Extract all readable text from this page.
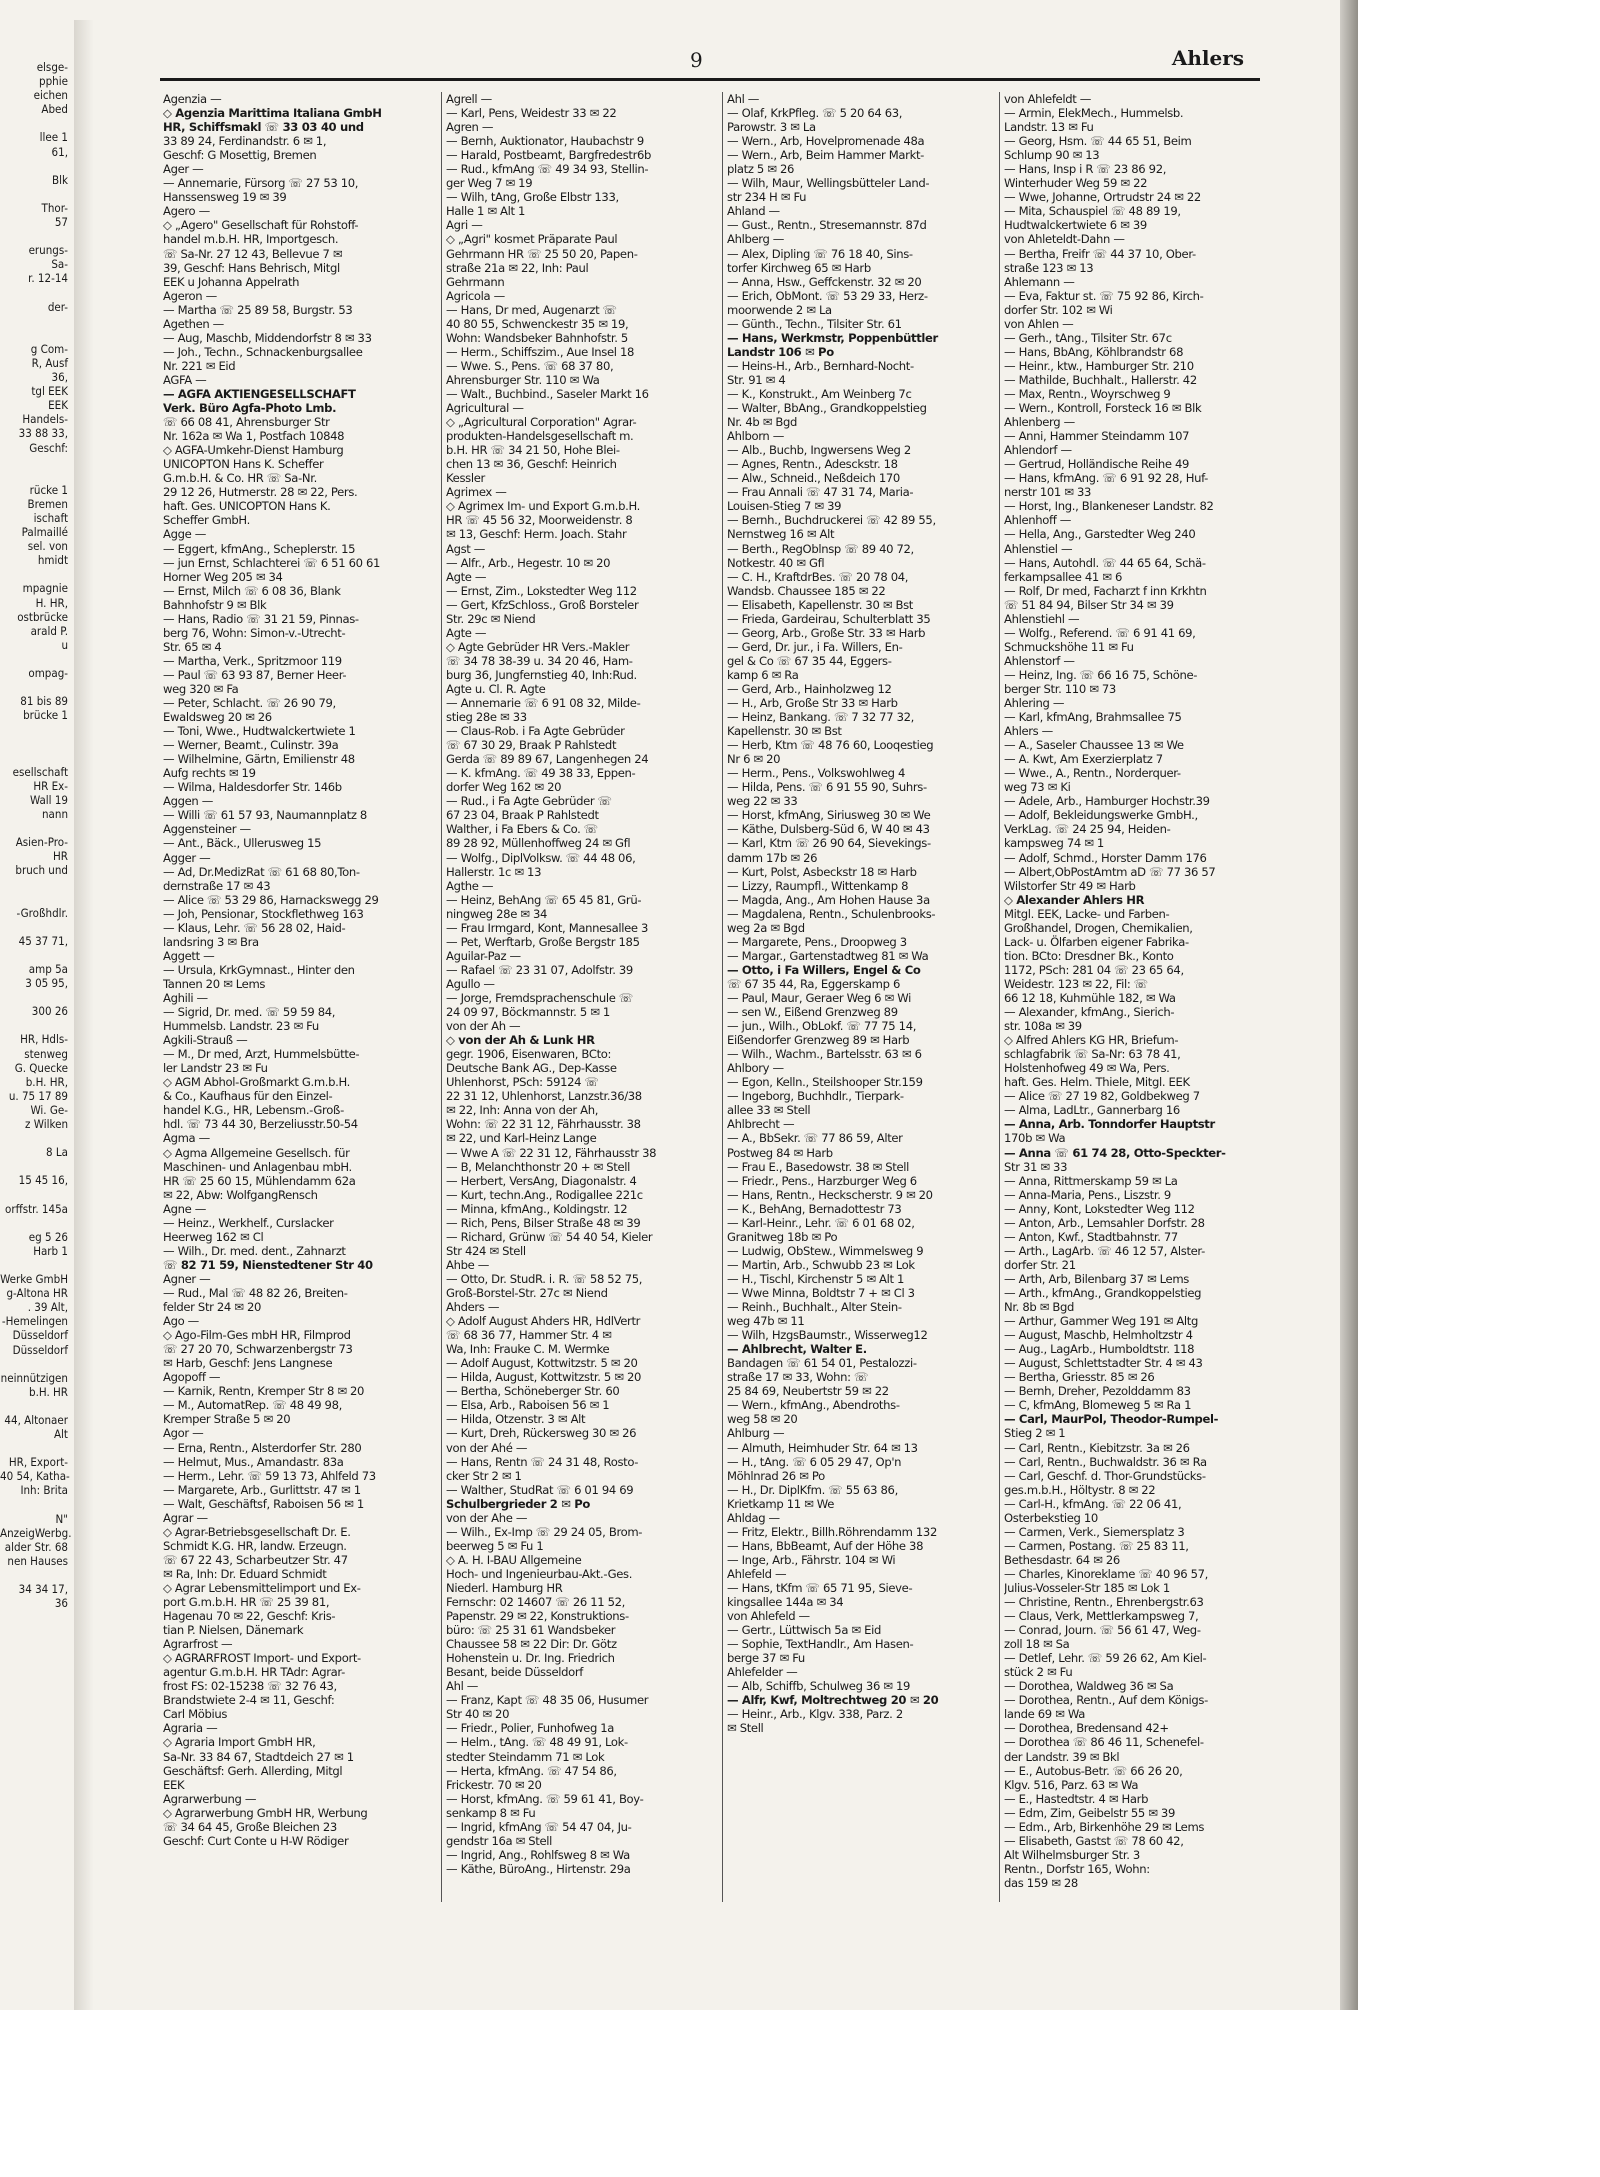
elsge-
pphie
eichen
Abed

llee 1
61,

Blk

Thor-
57

erungs-
Sa-
r. 12-14

der-

g Com-
R, Ausf
36,
tgl EEK
EEK
Handels-
33 88 33,
Geschf:

rücke 1
Bremen
ischaft
Palmaillé
sel. von
hmidt

mpagnie
H. HR,
ostbrücke
arald P.
u

ompag-

81 bis 89
brücke 1

esellschaft
HR Ex-
Wall 19
nann

Asien-Pro-
HR
bruch und

-Großhdlr.

45 37 71,

amp 5a
3 05 95,

300 26

HR, Hdls-
stenweg
G. Quecke
b.H. HR,
u. 75 17 89
Wi. Ge-
z Wilken

8 La

15 45 16,

orffstr. 145a

eg 5 26
Harb 1

Werke GmbH
g-Altona HR
. 39 Alt,
-Hemelingen
Düsseldorf
Düsseldorf

neinnützigen
b.H. HR

44, Altonaer
Alt

HR, Export-
40 54, Katha-
Inh: Brita

N"
AnzeigWerbg.
alder Str. 68
nen Hauses

34 34 17,
36
9	Ahlers
Agenzia —
◇ Agenzia Marittima Italiana GmbH
HR, Schiffsmakl ☏ 33 03 40 und
33 89 24, Ferdinandstr. 6 ✉ 1,
Geschf: G Mosettig, Bremen
Ager —
— Annemarie, Fürsorg ☏ 27 53 10,
Hanssensweg 19 ✉ 39
Agero —
◇ „Agero" Gesellschaft für Rohstoff-
handel m.b.H. HR, Importgesch.
☏ Sa-Nr. 27 12 43, Bellevue 7 ✉
39, Geschf: Hans Behrisch, Mitgl
EEK u Johanna Appelrath
Ageron —
— Martha ☏ 25 89 58, Burgstr. 53
Agethen —
— Aug, Maschb, Middendorfstr 8 ✉ 33
— Joh., Techn., Schnackenburgsallee
Nr. 221 ✉ Eid
AGFA —
— AGFA AKTIENGESELLSCHAFT
Verk. Büro Agfa-Photo Lmb.
☏ 66 08 41, Ahrensburger Str
Nr. 162a ✉ Wa 1, Postfach 10848
◇ AGFA-Umkehr-Dienst Hamburg
UNICOPTON Hans K. Scheffer
G.m.b.H. & Co. HR ☏ Sa-Nr.
29 12 26, Hutmerstr. 28 ✉ 22, Pers.
haft. Ges. UNICOPTON Hans K.
Scheffer GmbH.
Agge —
— Eggert, kfmAng., Scheplerstr. 15
— jun Ernst, Schlachterei ☏ 6 51 60 61
Horner Weg 205 ✉ 34
— Ernst, Milch ☏ 6 08 36, Blank
Bahnhofstr 9 ✉ Blk
— Hans, Radio ☏ 31 21 59, Pinnas-
berg 76, Wohn: Simon-v.-Utrecht-
Str. 65 ✉ 4
— Martha, Verk., Spritzmoor 119
— Paul ☏ 63 93 87, Berner Heer-
weg 320 ✉ Fa
— Peter, Schlacht. ☏ 26 90 79,
Ewaldsweg 20 ✉ 26
— Toni, Wwe., Hudtwalckertwiete 1
— Werner, Beamt., Culinstr. 39a
— Wilhelmine, Gärtn, Emilienstr 48
Aufg rechts ✉ 19
— Wilma, Haldesdorfer Str. 146b
Aggen —
— Willi ☏ 61 57 93, Naumannplatz 8
Aggensteiner —
— Ant., Bäck., Ullerusweg 15
Agger —
— Ad, Dr.MedizRat ☏ 61 68 80,Ton-
dernstraße 17 ✉ 43
— Alice ☏ 53 29 86, Harnackswegg 29
— Joh, Pensionar, Stockflethweg 163
— Klaus, Lehr. ☏ 56 28 02, Haid-
landsring 3 ✉ Bra
Aggett —
— Ursula, KrkGymnast., Hinter den
Tannen 20 ✉ Lems
Aghili —
— Sigrid, Dr. med. ☏ 59 59 84,
Hummelsb. Landstr. 23 ✉ Fu
Agkili-Strauß —
— M., Dr med, Arzt, Hummelsbütte-
ler Landstr 23 ✉ Fu
◇ AGM Abhol-Großmarkt G.m.b.H.
& Co., Kaufhaus für den Einzel-
handel K.G., HR, Lebensm.-Groß-
hdl. ☏ 73 44 30, Berzeliusstr.50-54
Agma —
◇ Agma Allgemeine Gesellsch. für
Maschinen- und Anlagenbau mbH.
HR ☏ 25 60 15, Mühlendamm 62a
✉ 22, Abw: WolfgangRensch
Agne —
— Heinz., Werkhelf., Curslacker
Heerweg 162 ✉ Cl
— Wilh., Dr. med. dent., Zahnarzt
☏ 82 71 59, Nienstedtener Str 40
Agner —
— Rud., Mal ☏ 48 82 26, Breiten-
felder Str 24 ✉ 20
Ago —
◇ Ago-Film-Ges mbH HR, Filmprod
☏ 27 20 70, Schwarzenbergstr 73
✉ Harb, Geschf: Jens Langnese
Agopoff —
— Karnik, Rentn, Kremper Str 8 ✉ 20
— M., AutomatRep. ☏ 48 49 98,
Kremper Straße 5 ✉ 20
Agor —
— Erna, Rentn., Alsterdorfer Str. 280
— Helmut, Mus., Amandastr. 83a
— Herm., Lehr. ☏ 59 13 73, Ahlfeld 73
— Margarete, Arb., Gurlittstr. 47 ✉ 1
— Walt, Geschäftsf, Raboisen 56 ✉ 1
Agrar —
◇ Agrar-Betriebsgesellschaft Dr. E.
Schmidt K.G. HR, landw. Erzeugn.
☏ 67 22 43, Scharbeutzer Str. 47
✉ Ra, Inh: Dr. Eduard Schmidt
◇ Agrar Lebensmittelimport und Ex-
port G.m.b.H. HR ☏ 25 39 81,
Hagenau 70 ✉ 22, Geschf: Kris-
tian P. Nielsen, Dänemark
Agrarfrost —
◇ AGRARFROST Import- und Export-
agentur G.m.b.H. HR TAdr: Agrar-
frost FS: 02-15238 ☏ 32 76 43,
Brandstwiete 2-4 ✉ 11, Geschf:
Carl Möbius
Agraria —
◇ Agraria Import GmbH HR,
Sa-Nr. 33 84 67, Stadtdeich 27 ✉ 1
Geschäftsf: Gerh. Allerding, Mitgl
EEK
Agrarwerbung —
◇ Agrarwerbung GmbH HR, Werbung
☏ 34 64 45, Große Bleichen 23
Geschf: Curt Conte u H-W Rödiger
Agrell —
— Karl, Pens, Weidestr 33 ✉ 22
Agren —
— Bernh, Auktionator, Haubachstr 9
— Harald, Postbeamt, Bargfredestr6b
— Rud., kfmAng ☏ 49 34 93, Stellin-
ger Weg 7 ✉ 19
— Wilh, tAng, Große Elbstr 133,
Halle 1 ✉ Alt 1
Agri —
◇ „Agri" kosmet Präparate Paul
Gehrmann HR ☏ 25 50 20, Papen-
straße 21a ✉ 22, Inh: Paul
Gehrmann
Agricola —
— Hans, Dr med, Augenarzt ☏
40 80 55, Schwenckestr 35 ✉ 19,
Wohn: Wandsbeker Bahnhofstr. 5
— Herm., Schiffszim., Aue Insel 18
— Wwe. S., Pens. ☏ 68 37 80,
Ahrensburger Str. 110 ✉ Wa
— Walt., Buchbind., Saseler Markt 16
Agricultural —
◇ „Agricultural Corporation" Agrar-
produkten-Handelsgesellschaft m.
b.H. HR ☏ 34 21 50, Hohe Blei-
chen 13 ✉ 36, Geschf: Heinrich
Kessler
Agrimex —
◇ Agrimex Im- und Export G.m.b.H.
HR ☏ 45 56 32, Moorweidenstr. 8
✉ 13, Geschf: Herm. Joach. Stahr
Agst —
— Alfr., Arb., Hegestr. 10 ✉ 20
Agte —
— Ernst, Zim., Lokstedter Weg 112
— Gert, KfzSchloss., Groß Borsteler
Str. 29c ✉ Niend
Agte —
◇ Agte Gebrüder HR Vers.-Makler
☏ 34 78 38-39 u. 34 20 46, Ham-
burg 36, Jungfernstieg 40, Inh:Rud.
Agte u. Cl. R. Agte
— Annemarie ☏ 6 91 08 32, Milde-
stieg 28e ✉ 33
— Claus-Rob. i Fa Agte Gebrüder
☏ 67 30 29, Braak P Rahlstedt
Gerda ☏ 89 89 67, Langenhegen 24
— K. kfmAng. ☏ 49 38 33, Eppen-
dorfer Weg 162 ✉ 20
— Rud., i Fa Agte Gebrüder ☏
67 23 04, Braak P Rahlstedt
Walther, i Fa Ebers & Co. ☏
89 28 92, Müllenhoffweg 24 ✉ Gfl
— Wolfg., DiplVolksw. ☏ 44 48 06,
Hallerstr. 1c ✉ 13
Agthe —
— Heinz, BehAng ☏ 65 45 81, Grü-
ningweg 28e ✉ 34
— Frau Irmgard, Kont, Mannesallee 3
— Pet, Werftarb, Große Bergstr 185
Aguilar-Paz —
— Rafael ☏ 23 31 07, Adolfstr. 39
Agullo —
— Jorge, Fremdsprachenschule ☏
24 09 97, Böckmannstr. 5 ✉ 1
von der Ah —
◇ von der Ah & Lunk HR
gegr. 1906, Eisenwaren, BCto:
Deutsche Bank AG., Dep-Kasse
Uhlenhorst, PSch: 59124 ☏
22 31 12, Uhlenhorst, Lanzstr.36/38
✉ 22, Inh: Anna von der Ah,
Wohn: ☏ 22 31 12, Fährhausstr. 38
✉ 22, und Karl-Heinz Lange
— Wwe A ☏ 22 31 12, Fährhausstr 38
— B, Melanchthonstr 20 + ✉ Stell
— Herbert, VersAng, Diagonalstr. 4
— Kurt, techn.Ang., Rodigallee 221c
— Minna, kfmAng., Koldingstr. 12
— Rich, Pens, Bilser Straße 48 ✉ 39
— Richard, Grünw ☏ 54 40 54, Kieler
Str 424 ✉ Stell
Ahbe —
— Otto, Dr. StudR. i. R. ☏ 58 52 75,
Groß-Borstel-Str. 27c ✉ Niend
Ahders —
◇ Adolf August Ahders HR, HdlVertr
☏ 68 36 77, Hammer Str. 4 ✉
Wa, Inh: Frauke C. M. Wermke
— Adolf August, Kottwitzstr. 5 ✉ 20
— Hilda, August, Kottwitzstr. 5 ✉ 20
— Bertha, Schöneberger Str. 60
— Elsa, Arb., Raboisen 56 ✉ 1
— Hilda, Otzenstr. 3 ✉ Alt
— Kurt, Dreh, Rückersweg 30 ✉ 26
von der Ahé —
— Hans, Rentn ☏ 24 31 48, Rosto-
cker Str 2 ✉ 1
— Walther, StudRat ☏ 6 01 94 69
Schulbergrieder 2 ✉ Po
von der Ahe —
— Wilh., Ex-Imp ☏ 29 24 05, Brom-
beerweg 5 ✉ Fu 1
◇ A. H. I-BAU Allgemeine
Hoch- und Ingenieurbau-Akt.-Ges.
Niederl. Hamburg HR
Fernschr: 02 14607 ☏ 26 11 52,
Papenstr. 29 ✉ 22, Konstruktions-
büro: ☏ 25 31 61 Wandsbeker
Chaussee 58 ✉ 22 Dir: Dr. Götz
Hohenstein u. Dr. Ing. Friedrich
Besant, beide Düsseldorf
Ahl —
— Franz, Kapt ☏ 48 35 06, Husumer
Str 40 ✉ 20
— Friedr., Polier, Funhofweg 1a
— Helm., tAng. ☏ 48 49 91, Lok-
stedter Steindamm 71 ✉ Lok
— Herta, kfmAng. ☏ 47 54 86,
Frickestr. 70 ✉ 20
— Horst, kfmAng. ☏ 59 61 41, Boy-
senkamp 8 ✉ Fu
— Ingrid, kfmAng ☏ 54 47 04, Ju-
gendstr 16a ✉ Stell
— Ingrid, Ang., Rohlfsweg 8 ✉ Wa
— Käthe, BüroAng., Hirtenstr. 29a
Ahl —
— Olaf, KrkPfleg. ☏ 5 20 64 63,
Parowstr. 3 ✉ La
— Wern., Arb, Hovelpromenade 48a
— Wern., Arb, Beim Hammer Markt-
platz 5 ✉ 26
— Wilh, Maur, Wellingsbütteler Land-
str 234 H ✉ Fu
Ahland —
— Gust., Rentn., Stresemannstr. 87d
Ahlberg —
— Alex, Dipling ☏ 76 18 40, Sins-
torfer Kirchweg 65 ✉ Harb
— Anna, Hsw., Geffckenstr. 32 ✉ 20
— Erich, ObMont. ☏ 53 29 33, Herz-
moorwende 2 ✉ La
— Günth., Techn., Tilsiter Str. 61
— Hans, Werkmstr, Poppenbüttler
Landstr 106 ✉ Po
— Heins-H., Arb., Bernhard-Nocht-
Str. 91 ✉ 4
— K., Konstrukt., Am Weinberg 7c
— Walter, BbAng., Grandkoppelstieg
Nr. 4b ✉ Bgd
Ahlborn —
— Alb., Buchb, Ingwersens Weg 2
— Agnes, Rentn., Adesckstr. 18
— Alw., Schneid., Neßdeich 170
— Frau Annali ☏ 47 31 74, Maria-
Louisen-Stieg 7 ✉ 39
— Bernh., Buchdruckerei ☏ 42 89 55,
Nernstweg 16 ✉ Alt
— Berth., RegOblnsp ☏ 89 40 72,
Notkestr. 40 ✉ Gfl
— C. H., KraftdrBes. ☏ 20 78 04,
Wandsb. Chaussee 185 ✉ 22
— Elisabeth, Kapellenstr. 30 ✉ Bst
— Frieda, Gardeirau, Schulterblatt 35
— Georg, Arb., Große Str. 33 ✉ Harb
— Gerd, Dr. jur., i Fa. Willers, En-
gel & Co ☏ 67 35 44, Eggers-
kamp 6 ✉ Ra
— Gerd, Arb., Hainholzweg 12
— H., Arb, Große Str 33 ✉ Harb
— Heinz, Bankang. ☏ 7 32 77 32,
Kapellenstr. 30 ✉ Bst
— Herb, Ktm ☏ 48 76 60, Looqestieg
Nr 6 ✉ 20
— Herm., Pens., Volkswohlweg 4
— Hilda, Pens. ☏ 6 91 55 90, Suhrs-
weg 22 ✉ 33
— Horst, kfmAng, Siriusweg 30 ✉ We
— Käthe, Dulsberg-Süd 6, W 40 ✉ 43
— Karl, Ktm ☏ 26 90 64, Sievekings-
damm 17b ✉ 26
— Kurt, Polst, Asbeckstr 18 ✉ Harb
— Lizzy, Raumpfl., Wittenkamp 8
— Magda, Ang., Am Hohen Hause 3a
— Magdalena, Rentn., Schulenbrooks-
weg 2a ✉ Bgd
— Margarete, Pens., Droopweg 3
— Margar., Gartenstadtweg 81 ✉ Wa
— Otto, i Fa Willers, Engel & Co
☏ 67 35 44, Ra, Eggerskamp 6
— Paul, Maur, Geraer Weg 6 ✉ Wi
— sen W., Eißend Grenzweg 89
— jun., Wilh., ObLokf. ☏ 77 75 14,
Eißendorfer Grenzweg 89 ✉ Harb
— Wilh., Wachm., Bartelsstr. 63 ✉ 6
Ahlbory —
— Egon, Kelln., Steilshooper Str.159
— Ingeborg, Buchhdlr., Tierpark-
allee 33 ✉ Stell
Ahlbrecht —
— A., BbSekr. ☏ 77 86 59, Alter
Postweg 84 ✉ Harb
— Frau E., Basedowstr. 38 ✉ Stell
— Friedr., Pens., Harzburger Weg 6
— Hans, Rentn., Heckscherstr. 9 ✉ 20
— K., BehAng, Bernadottestr 73
— Karl-Heinr., Lehr. ☏ 6 01 68 02,
Granitweg 18b ✉ Po
— Ludwig, ObStew., Wimmelsweg 9
— Martin, Arb., Schwubb 23 ✉ Lok
— H., Tischl, Kirchenstr 5 ✉ Alt 1
— Wwe Minna, Boldtstr 7 + ✉ Cl 3
— Reinh., Buchhalt., Alter Stein-
weg 47b ✉ 11
— Wilh, HzgsBaumstr., Wisserweg12
— Ahlbrecht, Walter E.
Bandagen ☏ 61 54 01, Pestalozzi-
straße 17 ✉ 33, Wohn: ☏
25 84 69, Neubertstr 59 ✉ 22
— Wern., kfmAng., Abendroths-
weg 58 ✉ 20
Ahlburg —
— Almuth, Heimhuder Str. 64 ✉ 13
— H., tAng. ☏ 6 05 29 47, Op'n
Möhlnrad 26 ✉ Po
— H., Dr. DiplKfm. ☏ 55 63 86,
Krietkamp 11 ✉ We
Ahldag —
— Fritz, Elektr., Billh.Röhrendamm 132
— Hans, BbBeamt, Auf der Höhe 38
— Inge, Arb., Fährstr. 104 ✉ Wi
Ahlefeld —
— Hans, tKfm ☏ 65 71 95, Sieve-
kingsallee 144a ✉ 34
von Ahlefeld —
— Gertr., Lüttwisch 5a ✉ Eid
— Sophie, TextHandlr., Am Hasen-
berge 37 ✉ Fu
Ahlefelder —
— Alb, Schiffb, Schulweg 36 ✉ 19
— Alfr, Kwf, Moltrechtweg 20 ✉ 20
— Heinr., Arb., Klgv. 338, Parz. 2
✉ Stell
von Ahlefeldt —
— Armin, ElekMech., Hummelsb.
Landstr. 13 ✉ Fu
— Georg, Hsm. ☏ 44 65 51, Beim
Schlump 90 ✉ 13
— Hans, Insp i R ☏ 23 86 92,
Winterhuder Weg 59 ✉ 22
— Wwe, Johanne, Ortrudstr 24 ✉ 22
— Mita, Schauspiel ☏ 48 89 19,
Hudtwalckertwiete 6 ✉ 39
von Ahleteldt-Dahn —
— Bertha, Freifr ☏ 44 37 10, Ober-
straße 123 ✉ 13
Ahlemann —
— Eva, Faktur st. ☏ 75 92 86, Kirch-
dorfer Str. 102 ✉ Wi
von Ahlen —
— Gerh., tAng., Tilsiter Str. 67c
— Hans, BbAng, Köhlbrandstr 68
— Heinr., ktw., Hamburger Str. 210
— Mathilde, Buchhalt., Hallerstr. 42
— Max, Rentn., Woyrschweg 9
— Wern., Kontroll, Forsteck 16 ✉ Blk
Ahlenberg —
— Anni, Hammer Steindamm 107
Ahlendorf —
— Gertrud, Holländische Reihe 49
— Hans, kfmAng. ☏ 6 91 92 28, Huf-
nerstr 101 ✉ 33
— Horst, Ing., Blankeneser Landstr. 82
Ahlenhoff —
— Hella, Ang., Garstedter Weg 240
Ahlenstiel —
— Hans, Autohdl. ☏ 44 65 64, Schä-
ferkampsallee 41 ✉ 6
— Rolf, Dr med, Facharzt f inn Krkhtn
☏ 51 84 94, Bilser Str 34 ✉ 39
Ahlenstiehl —
— Wolfg., Referend. ☏ 6 91 41 69,
Schmuckshöhe 11 ✉ Fu
Ahlenstorf —
— Heinz, Ing. ☏ 66 16 75, Schöne-
berger Str. 110 ✉ 73
Ahlering —
— Karl, kfmAng, Brahmsallee 75
Ahlers —
— A., Saseler Chaussee 13 ✉ We
— A. Kwt, Am Exerzierplatz 7
— Wwe., A., Rentn., Norderquer-
weg 73 ✉ Ki
— Adele, Arb., Hamburger Hochstr.39
— Adolf, Bekleidungswerke GmbH.,
VerkLag. ☏ 24 25 94, Heiden-
kampsweg 74 ✉ 1
— Adolf, Schmd., Horster Damm 176
— Albert,ObPostAmtm aD ☏ 77 36 57
Wilstorfer Str 49 ✉ Harb
◇ Alexander Ahlers HR
Mitgl. EEK, Lacke- und Farben-
Großhandel, Drogen, Chemikalien,
Lack- u. Ölfarben eigener Fabrika-
tion. BCto: Dresdner Bk., Konto
1172, PSch: 281 04 ☏ 23 65 64,
Weidestr. 123 ✉ 22, Fil: ☏
66 12 18, Kuhmühle 182, ✉ Wa
— Alexander, kfmAng., Sierich-
str. 108a ✉ 39
◇ Alfred Ahlers KG HR, Briefum-
schlagfabrik ☏ Sa-Nr: 63 78 41,
Holstenhofweg 49 ✉ Wa, Pers.
haft. Ges. Helm. Thiele, Mitgl. EEK
— Alice ☏ 27 19 82, Goldbekweg 7
— Alma, LadLtr., Gannerbarg 16
— Anna, Arb. Tonndorfer Hauptstr
170b ✉ Wa
— Anna ☏ 61 74 28, Otto-Speckter-
Str 31 ✉ 33
— Anna, Rittmerskamp 59 ✉ La
— Anna-Maria, Pens., Liszstr. 9
— Anny, Kont, Lokstedter Weg 112
— Anton, Arb., Lemsahler Dorfstr. 28
— Anton, Kwf., Stadtbahnstr. 77
— Arth., LagArb. ☏ 46 12 57, Alster-
dorfer Str. 21
— Arth, Arb, Bilenbarg 37 ✉ Lems
— Arth., kfmAng., Grandkoppelstieg
Nr. 8b ✉ Bgd
— Arthur, Gammer Weg 191 ✉ Altg
— August, Maschb, Helmholtzstr 4
— Aug., LagArb., Humboldtstr. 118
— August, Schlettstadter Str. 4 ✉ 43
— Bertha, Griesstr. 85 ✉ 26
— Bernh, Dreher, Pezolddamm 83
— C, kfmAng, Blomeweg 5 ✉ Ra 1
— Carl, MaurPol, Theodor-Rumpel-
Stieg 2 ✉ 1
— Carl, Rentn., Kiebitzstr. 3a ✉ 26
— Carl, Rentn., Buchwaldstr. 36 ✉ Ra
— Carl, Geschf. d. Thor-Grundstücks-
ges.m.b.H., Höltystr. 8 ✉ 22
— Carl-H., kfmAng. ☏ 22 06 41,
Osterbekstieg 10
— Carmen, Verk., Siemersplatz 3
— Carmen, Postang. ☏ 25 83 11,
Bethesdastr. 64 ✉ 26
— Charles, Kinoreklame ☏ 40 96 57,
Julius-Vosseler-Str 185 ✉ Lok 1
— Christine, Rentn., Ehrenbergstr.63
— Claus, Verk, Mettlerkampsweg 7,
— Conrad, Journ. ☏ 56 61 47, Weg-
zoll 18 ✉ Sa
— Detlef, Lehr. ☏ 59 26 62, Am Kiel-
stück 2 ✉ Fu
— Dorothea, Waldweg 36 ✉ Sa
— Dorothea, Rentn., Auf dem Königs-
lande 69 ✉ Wa
— Dorothea, Bredensand 42+
— Dorothea ☏ 86 46 11, Schenefel-
der Landstr. 39 ✉ Bkl
— E., Autobus-Betr. ☏ 66 26 20,
Klgv. 516, Parz. 63 ✉ Wa
— E., Hastedtstr. 4 ✉ Harb
— Edm, Zim, Geibelstr 55 ✉ 39
— Edm., Arb, Birkenhöhe 29 ✉ Lems
— Elisabeth, Gastst ☏ 78 60 42,
Alt Wilhelmsburger Str. 3
Rentn., Dorfstr 165, Wohn:
das 159 ✉ 28
